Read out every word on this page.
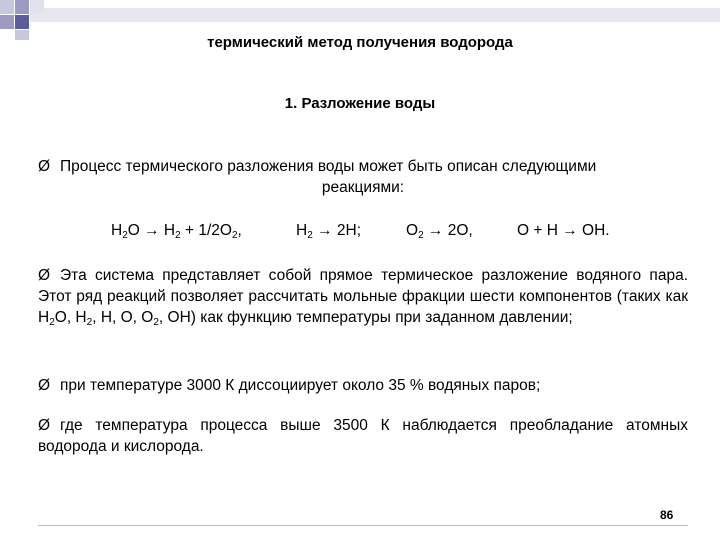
термический метод получения водорода
1. Разложение воды
Ø Процесс термического разложения воды может быть описан следующими
реакциями:
$H_2O \to H_2 + 1/2O_2$,	$H_2 \to 2H$;	$O_2 \to 2O$,	O + H → OH.
Ø Эта система представляет собой прямое термическое разложение водяного пара. Этот ряд реакций позволяет рассчитать мольные фракции шести компонентов (таких как $H_2O$, $H_2$, H, O, $O_2$, OH) как функцию температуры при заданном давлении;
Ø при температуре 3000 К диссоциирует около 35 % водяных паров;
Ø где температура процесса выше 3500 К наблюдается преобладание атомных водорода и кислорода.
86
